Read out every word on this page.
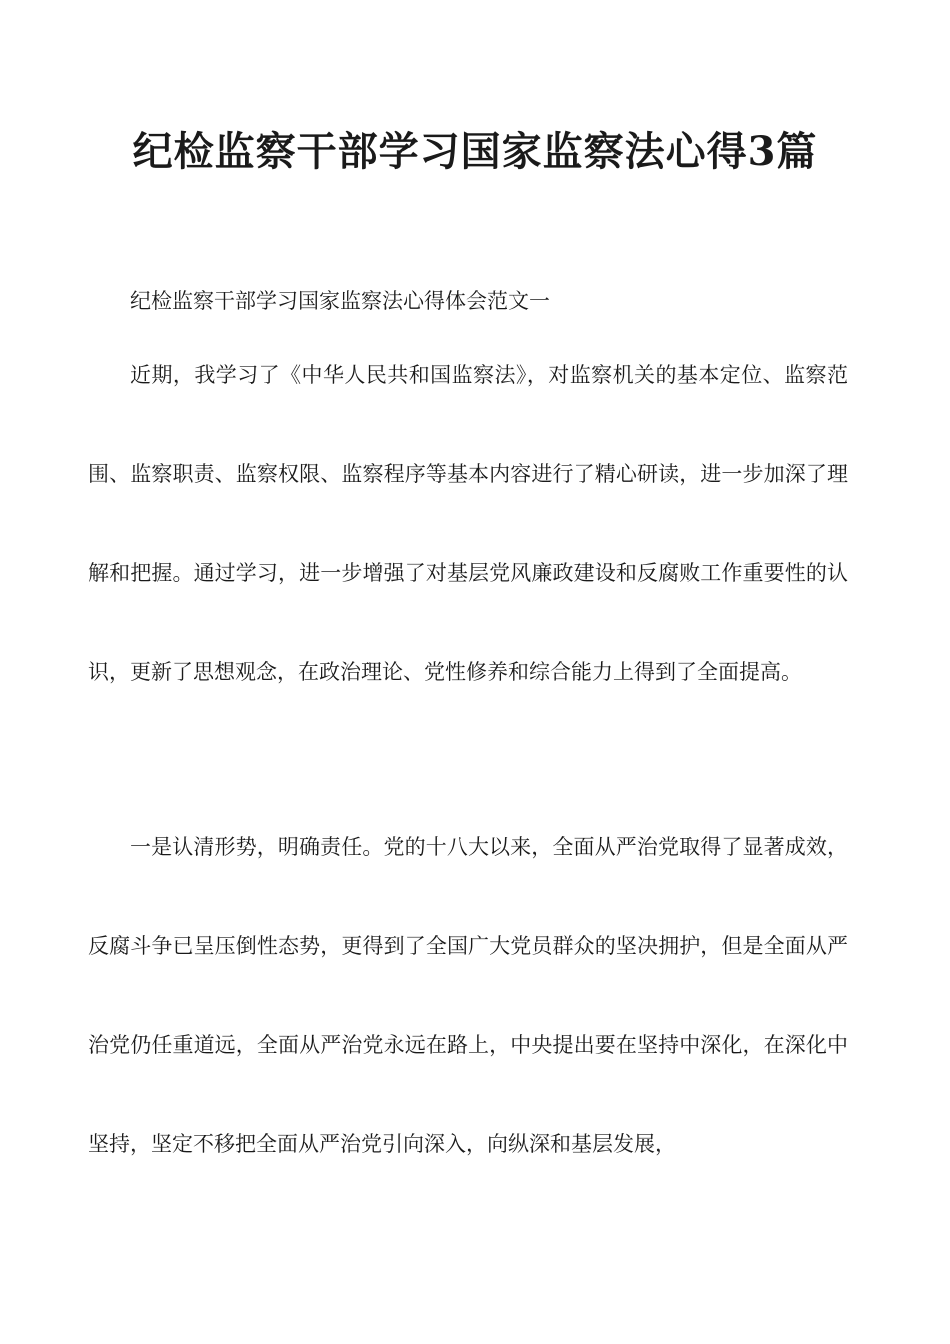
纪检监察干部学习国家监察法心得3篇

纪检监察干部学习国家监察法心得体会范文一

近期，我学习了《中华人民共和国监察法》，对监察机关的基本定位、监察范围、监察职责、监察权限、监察程序等基本内容进行了精心研读，进一步加深了理解和把握。通过学习，进一步增强了对基层党风廉政建设和反腐败工作重要性的认识，更新了思想观念，在政治理论、党性修养和综合能力上得到了全面提高。

一是认清形势，明确责任。党的十八大以来，全面从严治党取得了显著成效，反腐斗争已呈压倒性态势，更得到了全国广大党员群众的坚决拥护，但是全面从严治党仍任重道远，全面从严治党永远在路上，中央提出要在坚持中深化，在深化中坚持，坚定不移把全面从严治党引向深入，向纵深和基层发展，
